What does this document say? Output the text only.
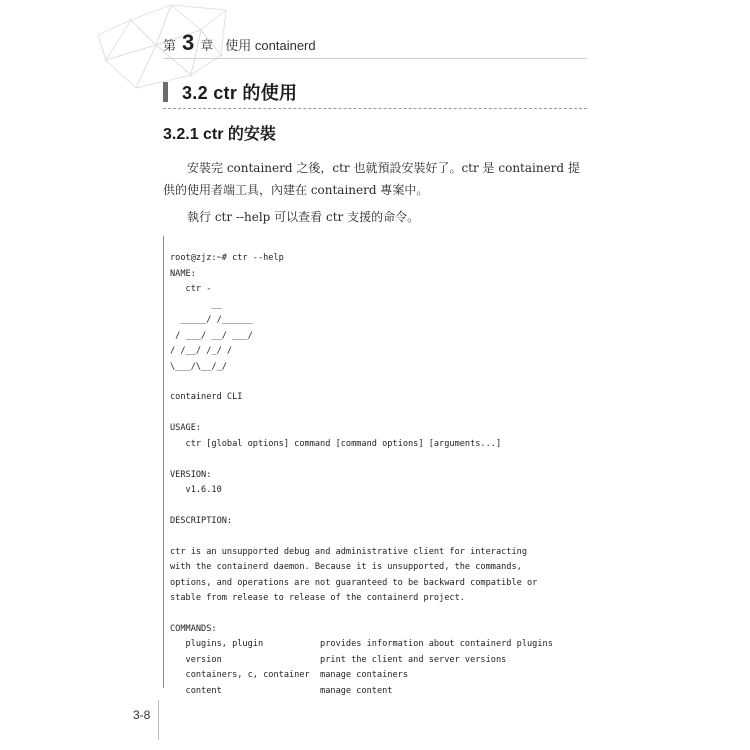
第 3 章 使用 containerd
3.2 ctr 的使用
3.2.1 ctr 的安裝

安裝完 containerd 之後，ctr 也就預設安裝好了。ctr 是 containerd 提供的使用者端工具，內建在 containerd 專案中。

執行 ctr --help 可以查看 ctr 支援的命令。

root@zjz:~# ctr --help
NAME:
ctr -
__
_____/ /______
/ ___/ __/ ___/
/ /__/ /_/ /
\___/\__/_/
containerd CLI
USAGE:
ctr [global options] command [command options] [arguments...]
VERSION:
v1.6.10
DESCRIPTION:
ctr is an unsupported debug and administrative client for interacting
with the containerd daemon. Because it is unsupported, the commands,
options, and operations are not guaranteed to be backward compatible or
stable from release to release of the containerd project.
COMMANDS:
plugins, plugin           provides information about containerd plugins
version                   print the client and server versions
containers, c, container  manage containers
content                   manage content

3-8
